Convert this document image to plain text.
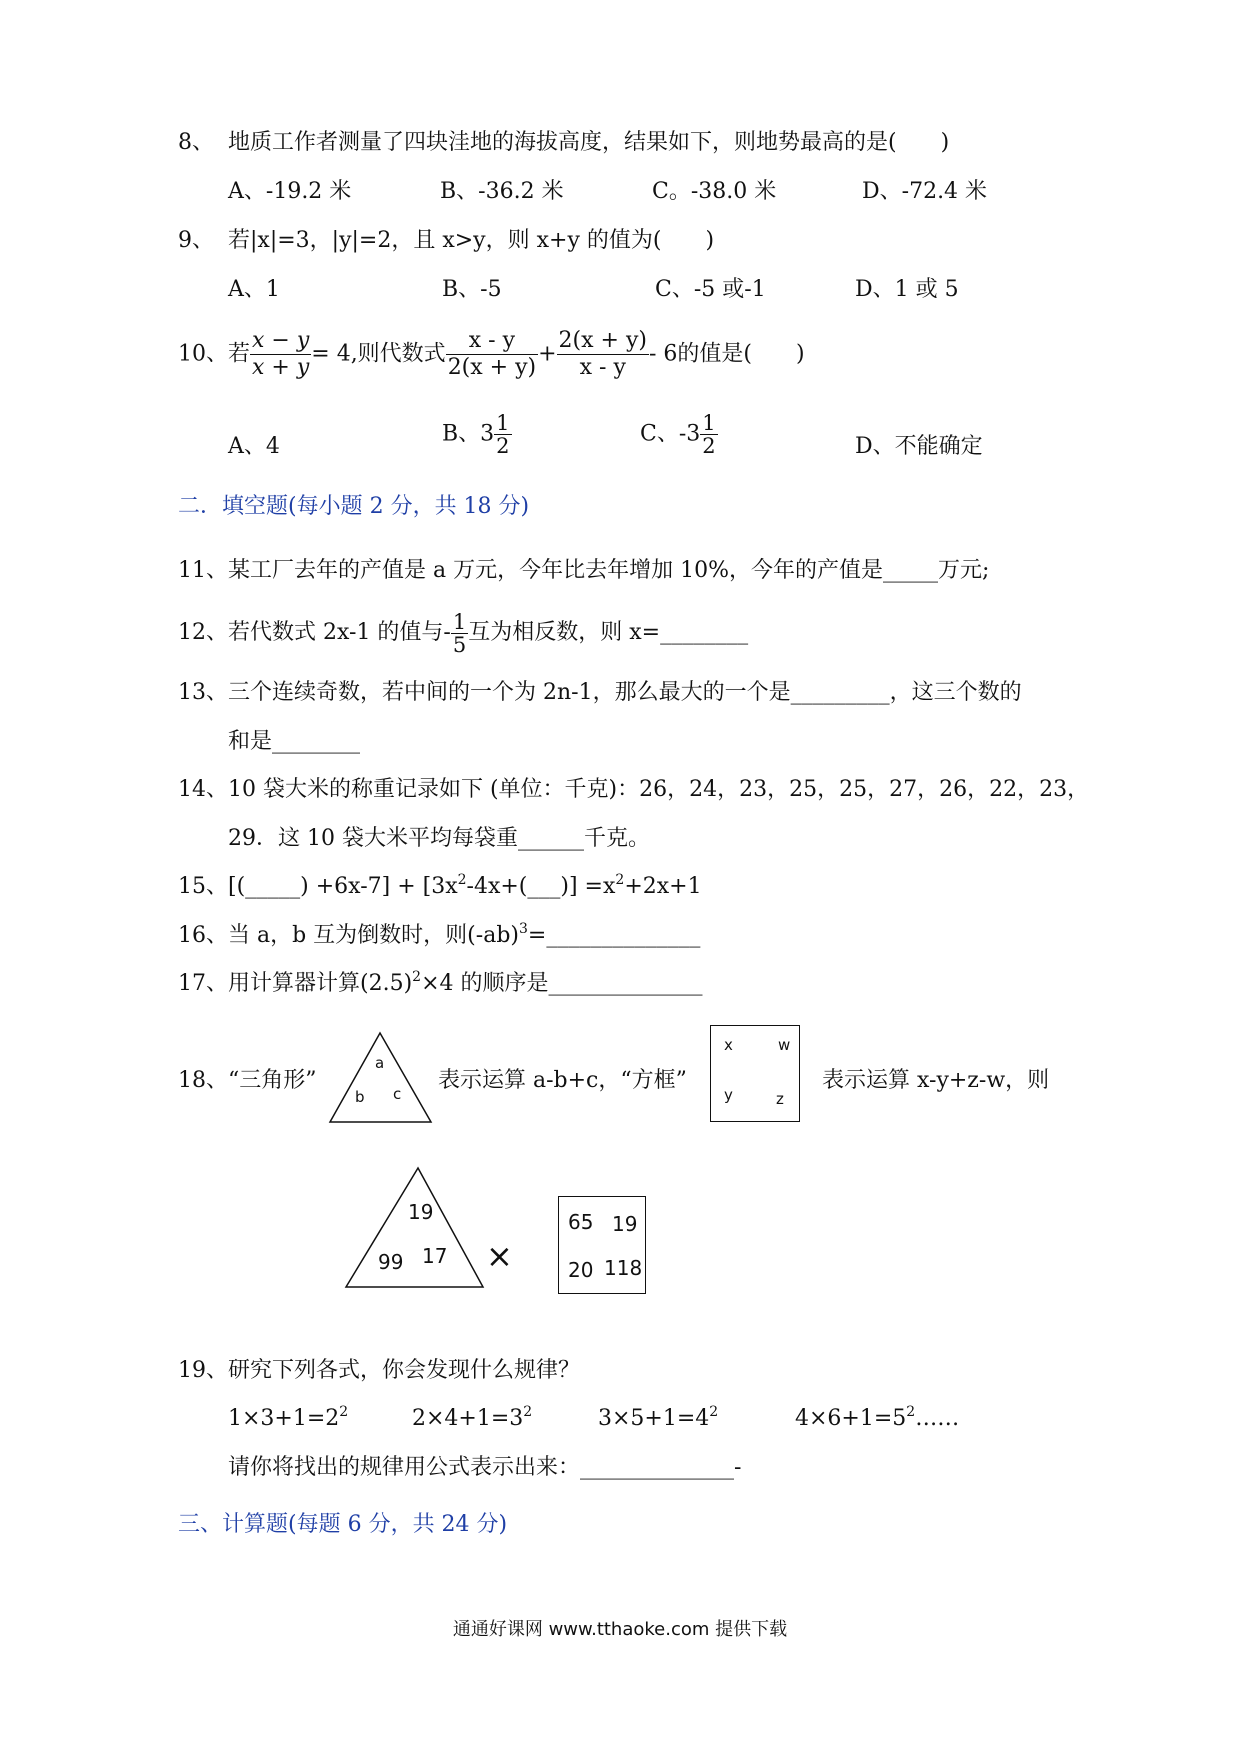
8、 地质工作者测量了四块洼地的海拔高度，结果如下，则地势最高的是(　　)
A、-19.2 米	B、-36.2 米	C。-38.0 米	D、-72.4 米
9、 若|x|=3，|y|=2，且 x>y，则 x+y 的值为(　　)
A、1	B、-5	C、-5 或-1	D、1 或 5
10、若 $\frac{x - y}{x + y} = 4$,则代数式 $\frac{x - y}{2(x + y)} + \frac{2(x + y)}{x - y} - 6$的值是(　　)
A、4	B、$3 \frac{1}{2}$	C、$-3 \frac{1}{2}$	D、不能确定
二．填空题(每小题 2 分，共 18 分)
11、某工厂去年的产值是 a 万元，今年比去年增加 10%，今年的产值是_____万元;
12、若代数式 2x-1 的值与- $\frac{1}{5}$ 互为相反数，则 x=________
13、三个连续奇数，若中间的一个为 2n-1，那么最大的一个是_________，这三个数的
和是________
14、10 袋大米的称重记录如下 (单位：千克)：26，24，23，25，25，27，26，22，23，
29．这 10 袋大米平均每袋重______千克。
15、[(_____) $+6x-7] + [3x^2-4x+(\_\_\_)] =x^2+2x+1$
16、当 a，b 互为倒数时，则$(-ab)^3=\_\_\_\_\_\_\_\_\_\_\_\_\_\_$
17、用计算器计算$(2.5)^2\times 4$ 的顺序是______________
18、“三角形”	表示运算 a-b+c，“方框”	表示运算 x-y+z-w，则
a
b c
x	w
y	z
19
99 17 ×
65 19
20 118
19、研究下列各式，你会发现什么规律？
$1\times 3+1=2^2$	$2\times 4+1=3^2$	$3\times 5+1=4^2$	$4\times 6+1=5^2\dots\dots$
请你将找出的规律用公式表示出来：______________-
三、计算题(每题 6 分，共 24 分)
通通好课网 www.tthaoke.com 提供下载
